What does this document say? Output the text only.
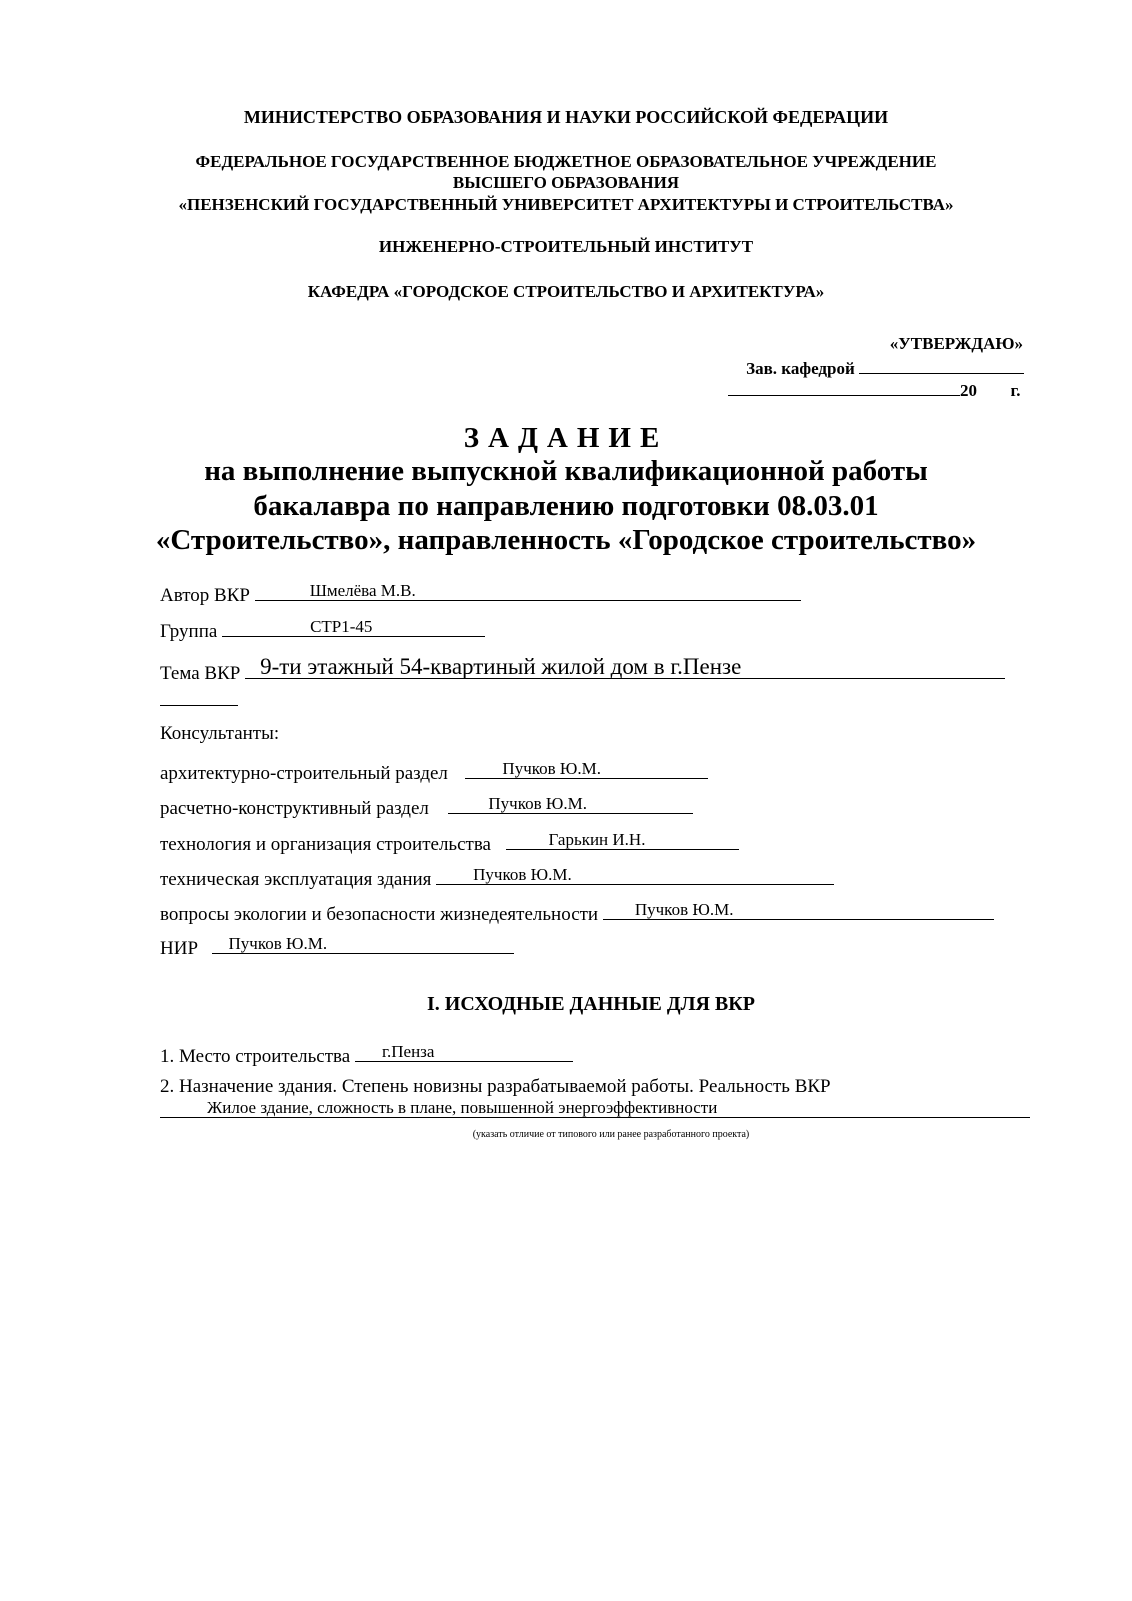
МИНИСТЕРСТВО ОБРАЗОВАНИЯ И НАУКИ РОССИЙСКОЙ ФЕДЕРАЦИИ
ФЕДЕРАЛЬНОЕ ГОСУДАРСТВЕННОЕ БЮДЖЕТНОЕ ОБРАЗОВАТЕЛЬНОЕ УЧРЕЖДЕНИЕ
ВЫСШЕГО ОБРАЗОВАНИЯ
«ПЕНЗЕНСКИЙ ГОСУДАРСТВЕННЫЙ УНИВЕРСИТЕТ АРХИТЕКТУРЫ И СТРОИТЕЛЬСТВА»
ИНЖЕНЕРНО-СТРОИТЕЛЬНЫЙ ИНСТИТУТ
КАФЕДРА «ГОРОДСКОЕ СТРОИТЕЛЬСТВО И АРХИТЕКТУРА»
«УТВЕРЖДАЮ»
Зав. кафедрой
20 г.
ЗАДАНИЕ
на выполнение выпускной квалификационной работы
бакалавра по направлению подготовки 08.03.01
«Строительство», направленность «Городское строительство»
Автор ВКР	Шмелёва М.В.
Группа	СТР1-45
Тема ВКР 9-ти этажный 54-квартиный жилой дом в г.Пензе
Консультанты:
архитектурно-строительный раздел	Пучков Ю.М.
расчетно-конструктивный раздел	Пучков Ю.М.
технология и организация строительства	Гарькин И.Н.
техническая эксплуатация здания Пучков Ю.М.
вопросы экологии и безопасности жизнедеятельности Пучков Ю.М.
НИР Пучков Ю.М.
I. ИСХОДНЫЕ ДАННЫЕ ДЛЯ ВКР
1. Место строительства г.Пенза
2. Назначение здания. Степень новизны разрабатываемой работы. Реальность ВКР
Жилое здание, сложность в плане, повышенной энергоэффективности
(указать отличие от типового или ранее разработанного проекта)
